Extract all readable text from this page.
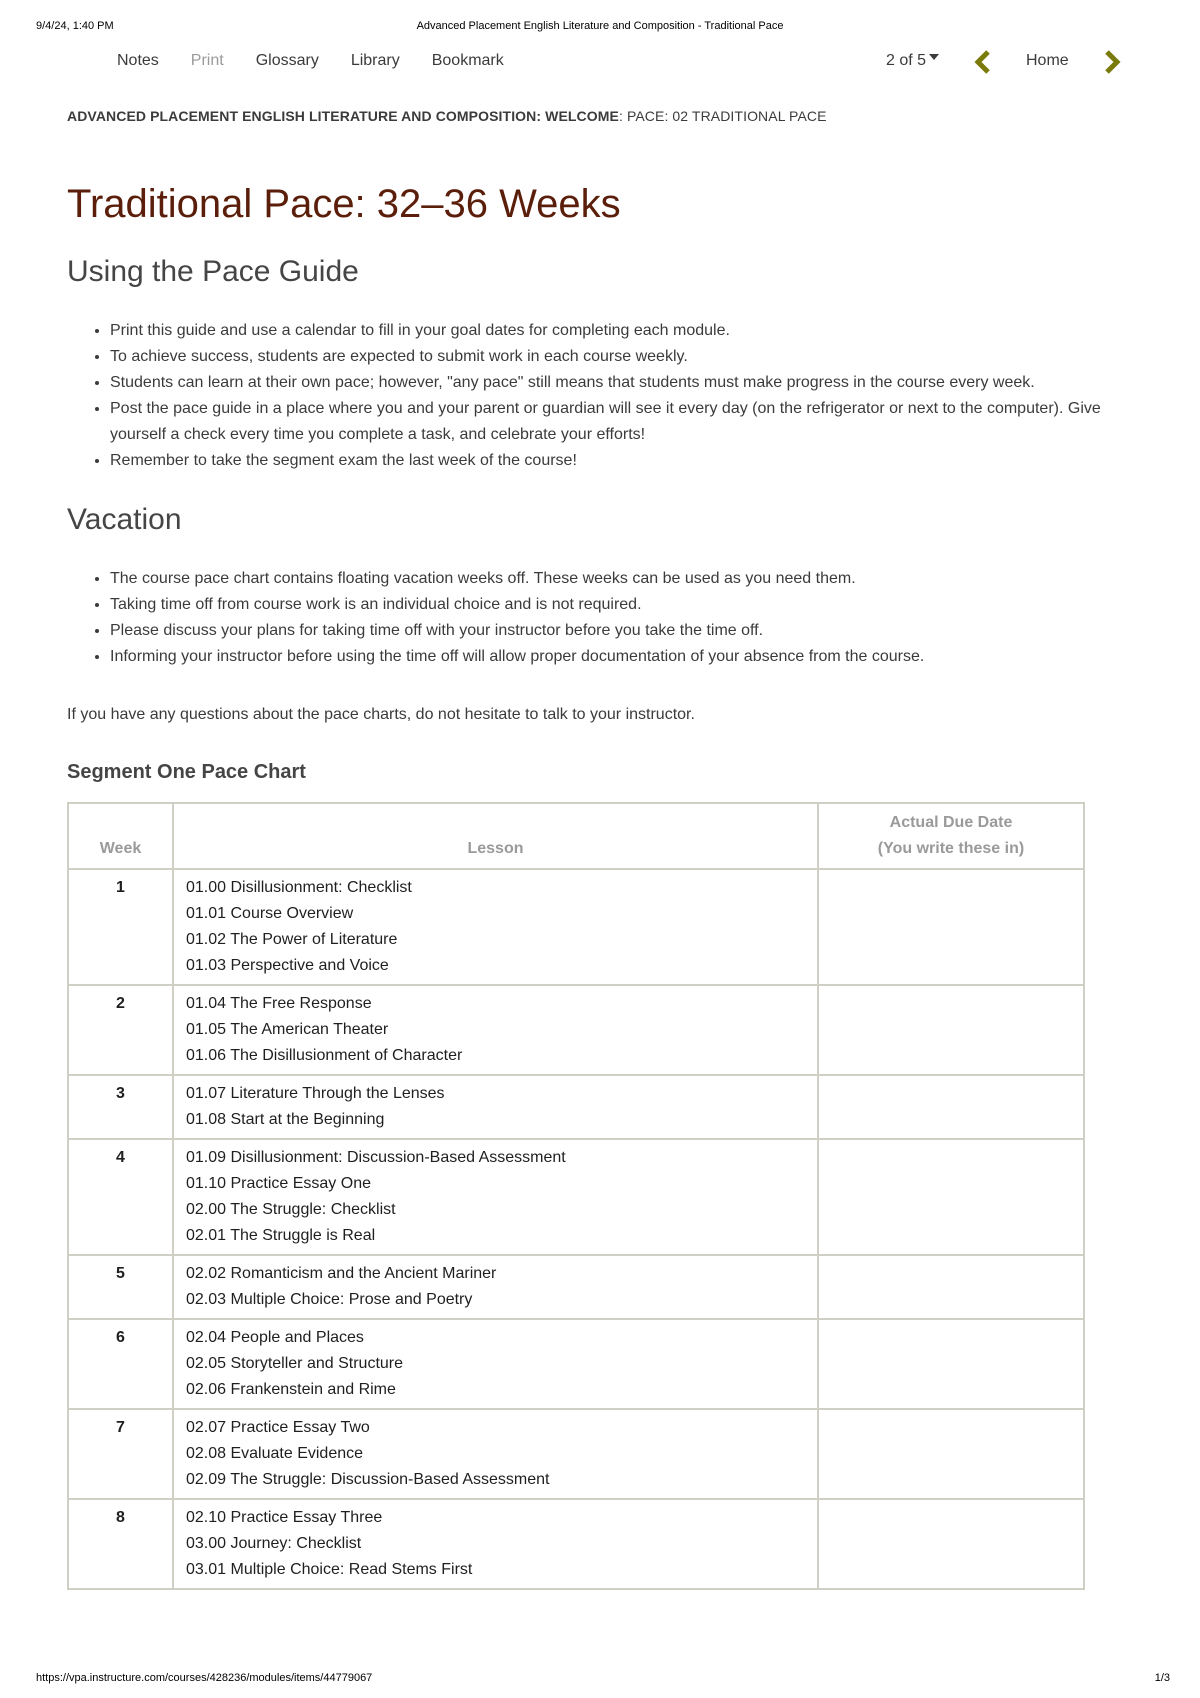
9/4/24, 1:40 PM	Advanced Placement English Literature and Composition - Traditional Pace
Notes Print Glossary Library Bookmark	2 of 5	Home
ADVANCED PLACEMENT ENGLISH LITERATURE AND COMPOSITION: WELCOME: PACE: 02 TRADITIONAL PACE
Traditional Pace: 32–36 Weeks
Using the Pace Guide
• Print this guide and use a calendar to fill in your goal dates for completing each module.
• To achieve success, students are expected to submit work in each course weekly.
• Students can learn at their own pace; however, "any pace" still means that students must make progress in the course every week.
• Post the pace guide in a place where you and your parent or guardian will see it every day (on the refrigerator or next to the computer). Give yourself a check every time you complete a task, and celebrate your efforts!
• Remember to take the segment exam the last week of the course!
Vacation
• The course pace chart contains floating vacation weeks off. These weeks can be used as you need them.
• Taking time off from course work is an individual choice and is not required.
• Please discuss your plans for taking time off with your instructor before you take the time off.
• Informing your instructor before using the time off will allow proper documentation of your absence from the course.

If you have any questions about the pace charts, do not hesitate to talk to your instructor.

Segment One Pace Chart
Week	Lesson	Actual Due Date
(You write these in)

1	01.00 Disillusionment: Checklist
01.01 Course Overview
01.02 The Power of Literature
01.03 Perspective and Voice	

2	01.04 The Free Response
01.05 The American Theater
01.06 The Disillusionment of Character	

3	01.07 Literature Through the Lenses
01.08 Start at the Beginning	

4	01.09 Disillusionment: Discussion-Based Assessment
01.10 Practice Essay One
02.00 The Struggle: Checklist
02.01 The Struggle is Real	

5	02.02 Romanticism and the Ancient Mariner
02.03 Multiple Choice: Prose and Poetry	

6	02.04 People and Places
02.05 Storyteller and Structure
02.06 Frankenstein and Rime	

7	02.07 Practice Essay Two
02.08 Evaluate Evidence
02.09 The Struggle: Discussion-Based Assessment	

8	02.10 Practice Essay Three
03.00 Journey: Checklist
03.01 Multiple Choice: Read Stems First	

https://vpa.instructure.com/courses/428236/modules/items/44779067	1/3
